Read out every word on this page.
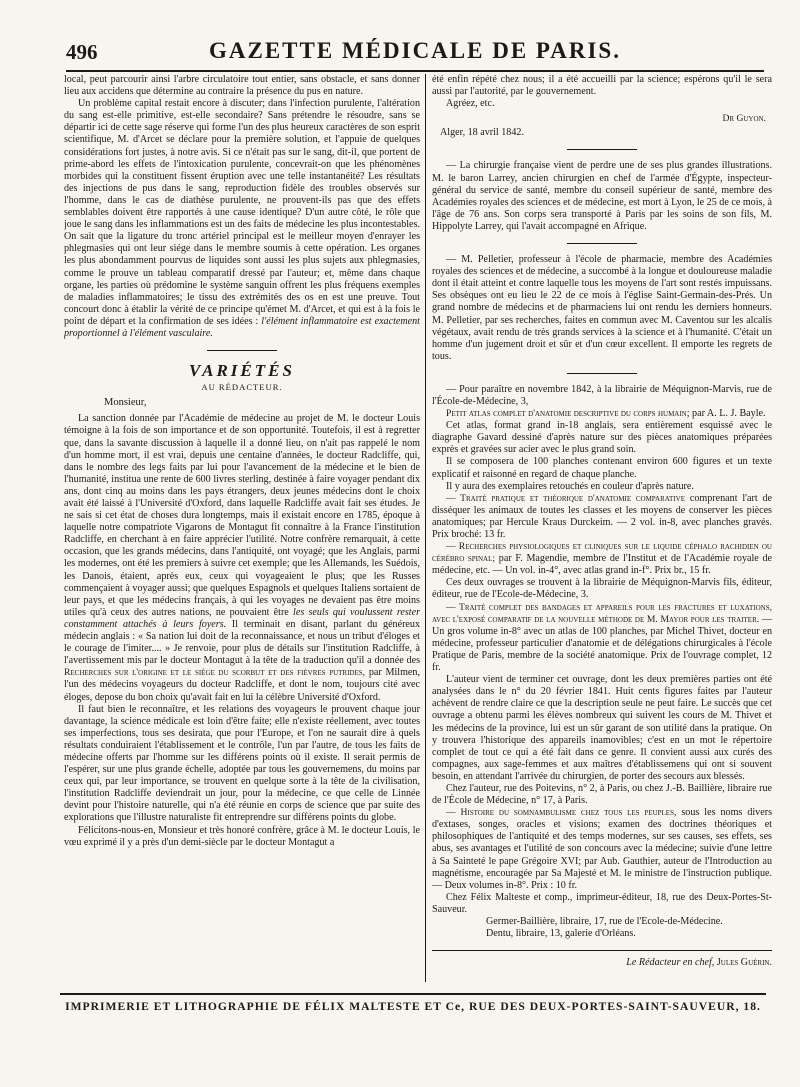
496	GAZETTE MÉDICALE DE PARIS.

local, peut parcourir ainsi l'arbre circulatoire tout entier, sans obstacle, et sans donner lieu aux accidens que détermine au contraire la présence du pus en nature.

Un problème capital restait encore à discuter; dans l'infection purulente, l'altération du sang est-elle primitive, est-elle secondaire? Sans prétendre le résoudre, sans se départir ici de cette sage réserve qui forme l'un des plus heureux caractères de son esprit scientifique, M. d'Arcet se déclare pour la première solution, et l'appuie de quelques considérations fort justes, à notre avis. Si ce n'était pas sur le sang, dit-il, que portent de prime-abord les effets de l'intoxication purulente, concevrait-on que les phénomènes morbides qui la constituent fissent éruption avec une telle instantanéité? Les résultats des injections de pus dans le sang, reproduction fidèle des troubles observés sur l'homme, dans le cas de diathèse purulente, ne prouvent-ils pas que des effets semblables doivent être rapportés à une cause identique? D'un autre côté, le rôle que joue le sang dans les inflammations est un des faits de médecine les plus incontestables. On sait que la ligature du tronc artériel principal est le meilleur moyen d'enrayer les phlegmasies qui ont leur siége dans le membre soumis à cette opération. Les organes les plus abondamment pourvus de liquides sont aussi les plus sujets aux phlegmasies, comme le prouve un tableau comparatif dressé par l'auteur; et, même dans chaque organe, les parties où prédomine le système sanguin offrent les plus fréquens exemples de maladies inflammatoires; le tissu des extrémités des os en est une preuve. Tout concourt donc à établir la vérité de ce principe qu'émet M. d'Arcet, et qui est à la fois le point de départ et la confirmation de ses idées : l'élément inflammatoire est exactement proportionnel à l'élément vasculaire.

VARIÉTÉS
AU RÉDACTEUR.
Monsieur,

La sanction donnée par l'Académie de médecine au projet de M. le docteur Louis témoigne à la fois de son importance et de son opportunité. Toutefois, il est à regretter que, dans la savante discussion à laquelle il a donné lieu, on n'ait pas rappelé le nom d'un homme mort, il est vrai, depuis une centaine d'années, le docteur Radcliffe, qui, dans le nombre des legs faits par lui pour l'avancement de la médecine et le bien de l'humanité, institua une rente de 600 livres sterling, destinée à faire voyager pendant dix ans, dont cinq au moins dans les pays étrangers, deux jeunes médecins dont le choix avait été laissé à l'Université d'Oxford, dans laquelle Radcliffe avait fait ses études. Je ne sais si cet état de choses dura longtemps, mais il existait encore en 1785, époque à laquelle notre compatriote Vigarons de Montagut fit connaître à la France l'institution Radcliffe, en cherchant à en faire apprécier l'utilité. Notre confrère remarquait, à cette occasion, que les grands médecins, dans l'antiquité, ont voyagé; que les Anglais, parmi les modernes, ont été les premiers à suivre cet exemple; que les Allemands, les Suédois, les Danois, étaient, après eux, ceux qui voyageaient le plus; que les Russes commençaient à voyager aussi; que quelques Espagnols et quelques Italiens sortaient de leur pays, et que les médecins français, à qui les voyages ne devaient pas être moins utiles qu'à ceux des autres nations, ne pouvaient être les seuls qui voulussent rester constamment attachés à leurs foyers. Il terminait en disant, parlant du généreux médecin anglais : « Sa nation lui doit de la reconnaissance, et nous un tribut d'éloges et le courage de l'imiter.... » Je renvoie, pour plus de détails sur l'institution Radcliffe, à l'avertissement mis par le docteur Montagut à la tête de la traduction qu'il a donnée des Recherches sur l'origine et le siége du scorbut et des fièvres putrides, par Milmen, l'un des médecins voyageurs du docteur Radcliffe, et dont le nom, toujours cité avec éloges, depose du bon choix qu'avait fait en lui la célèbre Université d'Oxford.

Il faut bien le reconnaître, et les relations des voyageurs le prouvent chaque jour davantage, la science médicale est loin d'être faite; elle n'existe réellement, avec toutes ses imperfections, tous ses desirata, que pour l'Europe, et l'on ne saurait dire à quels résultats conduiraient l'établissement et le contrôle, l'un par l'autre, de tous les faits de médecine offerts par l'homme sur les différens points où il existe. Il serait permis de l'espérer, sur une plus grande échelle, adoptée par tous les gouvernemens, du moins par ceux qui, par leur importance, se trouvent en quelque sorte à la tête de la civilisation, l'institution Radcliffe deviendrait un jour, pour la médecine, ce que celle de Linnée devint pour l'histoire naturelle, qui n'a été réunie en corps de science que par suite des explorations que l'illustre naturaliste fit entreprendre sur différens points du globe.

Félicitons-nous-en, Monsieur et très honoré confrère, grâce à M. le docteur Louis, le vœu exprimé il y a près d'un demi-siècle par le docteur Montagut a

été enfin répété chez nous; il a été accueilli par la science; espérons qu'il le sera aussi par l'autorité, par le gouvernement.

Agréez, etc.

Dr Guyon.
Alger, 18 avril 1842.

— La chirurgie française vient de perdre une de ses plus grandes illustrations. M. le baron Larrey, ancien chirurgien en chef de l'armée d'Égypte, inspecteur-général du service de santé, membre du conseil supérieur de santé, membre des Académies royales des sciences et de médecine, est mort à Lyon, le 25 de ce mois, à l'âge de 76 ans. Son corps sera transporté à Paris par les soins de son fils, M. Hippolyte Larrey, qui l'avait accompagné en Afrique.

— M. Pelletier, professeur à l'école de pharmacie, membre des Académies royales des sciences et de médecine, a succombé à la longue et douloureuse maladie dont il était atteint et contre laquelle tous les moyens de l'art sont restés impuissans. Ses obsèques ont eu lieu le 22 de ce mois à l'église Saint-Germain-des-Prés. Un grand nombre de médecins et de pharmaciens lui ont rendu les derniers honneurs. M. Pelletier, par ses recherches, faites en commun avec M. Caventou sur les alcalis végétaux, avait rendu de très grands services à la science et à l'humanité. C'était un homme d'un jugement droit et sûr et d'un cœur excellent. Il emporte les regrets de tous.

— Pour paraître en novembre 1842, à la librairie de Méquignon-Marvis, rue de l'École-de-Médecine, 3,

Petit atlas complet d'anatomie descriptive du corps humain; par A. L. J. Bayle.

Cet atlas, format grand in-18 anglais, sera entièrement esquissé avec le diagraphe Gavard dessiné d'après nature sur des pièces anatomiques préparées exprès et gravées sur acier avec le plus grand soin.

Il se composera de 100 planches contenant environ 600 figures et un texte explicatif et raisonné en regard de chaque planche.

Il y aura des exemplaires retouchés en couleur d'après nature.

— Traité pratique et théorique d'anatomie comparative comprenant l'art de disséquer les animaux de toutes les classes et les moyens de conserver les pièces anatomiques; par Hercule Kraus Durckeim. — 2 vol. in-8, avec planches gravés. Prix broché: 13 fr.

— Recherches physiologiques et cliniques sur le liquide céphalo rachidien ou cérébro spinal; par F. Magendie, membre de l'Institut et de l'Académie royale de médecine, etc. — Un vol. in-4°, avec atlas grand in-f°. Prix br., 15 fr.

Ces deux ouvrages se trouvent à la librairie de Méquignon-Marvis fils, éditeur, éditeur, rue de l'Ecole-de-Médecine, 3.

— Traité complet des bandages et appareils pour les fractures et luxations, avec l'exposé comparatif de la nouvelle méthode de M. Mayor pour les traiter. — Un gros volume in-8° avec un atlas de 100 planches, par Michel Thivet, docteur en médecine, professeur particulier d'anatomie et de délégations chirurgicales à l'école Pratique de Paris, membre de la société anatomique. Prix de l'ouvrage complet, 12 fr.

L'auteur vient de terminer cet ouvrage, dont les deux premières parties ont été analysées dans le n° du 20 février 1841. Huit cents figures faites par l'auteur achèvent de rendre claire ce que la description seule ne peut faire. Le succès que cet ouvrage a obtenu parmi les élèves nombreux qui suivent les cours de M. Thivet et les médecins de la province, lui est un sûr garant de son utilité dans la pratique. On y trouvera l'historique des appareils inamovibles; c'est en un mot le répertoire complet de tout ce qui a été fait dans ce genre. Il convient aussi aux curés des compagnes, aux sage-femmes et aux maîtres d'établissemens qui ont si souvent besoin, en attendant l'arrivée du chirurgien, de porter des secours aux blessés.

Chez l'auteur, rue des Poitevins, n° 2, à Paris, ou chez J.-B. Baillière, libraire rue de l'École de Médecine, n° 17, à Paris.

— Histoire du somnambulisme chez tous les peuples, sous les noms divers d'extases, songes, oracles et visions; examen des doctrines théoriques et philosophiques de l'antiquité et des temps modernes, sur ses causes, ses effets, ses abus, ses avantages et l'utilité de son concours avec la médecine; suivie d'une lettre à Sa Sainteté le pape Grégoire XVI; par Aub. Gauthier, auteur de l'Introduction au magnétisme, encouragée par Sa Majesté et M. le ministre de l'instruction publique. — Deux volumes in-8°. Prix : 10 fr.

Chez Félix Malteste et comp., imprimeur-éditeur, 18, rue des Deux-Portes-St-Sauveur.

Germer-Baillière, libraire, 17, rue de l'Ecole-de-Médecine.

Dentu, libraire, 13, galerie d'Orléans.

Le Rédacteur en chef, Jules Guérin.
IMPRIMERIE ET LITHOGRAPHIE DE FÉLIX MALTESTE ET Ce, RUE DES DEUX-PORTES-SAINT-SAUVEUR, 18.
